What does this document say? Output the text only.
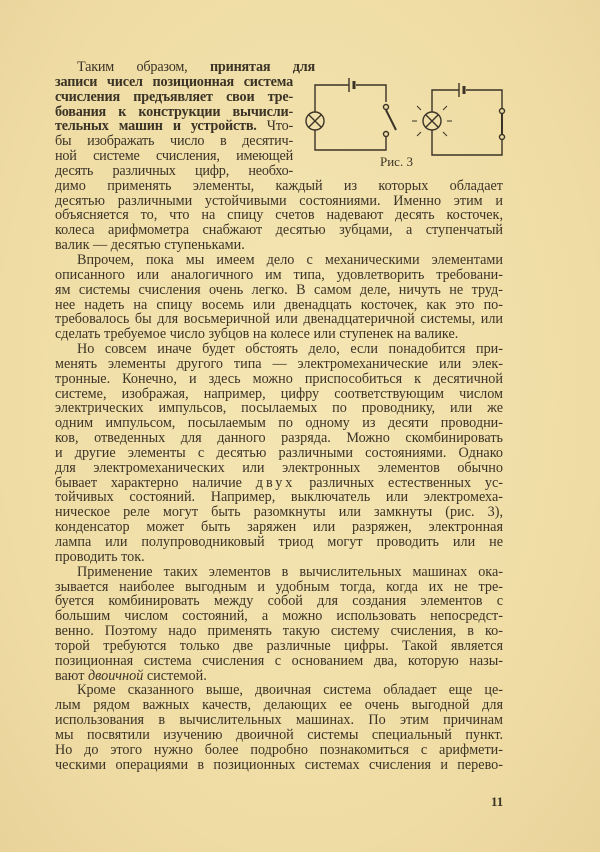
Таким образом, принятая для
записи чисел позиционная система
счисления предъявляет свои тре-
бования к конструкции вычисли-
тельных машин и устройств. Что-
бы изображать число в десятич-
ной системе счисления, имеющей
десять различных цифр, необхо-
димо применять элементы, каждый из которых обладает
десятью различными устойчивыми состояниями. Именно этим и
объясняется то, что на спицу счетов надевают десять косточек,
колеса арифмометра снабжают десятью зубцами, а ступенчатый
валик — десятью ступеньками.
Впрочем, пока мы имеем дело с механическими элементами
описанного или аналогичного им типа, удовлетворить требовани-
ям системы счисления очень легко. В самом деле, ничуть не труд-
нее надеть на спицу восемь или двенадцать косточек, как это по-
требовалось бы для восьмеричной или двенадцатеричной системы, или
сделать требуемое число зубцов на колесе или ступенек на валике.
Но совсем иначе будет обстоять дело, если понадобится при-
менять элементы другого типа — электромеханические или элек-
тронные. Конечно, и здесь можно приспособиться к десятичной
системе, изображая, например, цифру соответствующим числом
электрических импульсов, посылаемых по проводнику, или же
одним импульсом, посылаемым по одному из десяти проводни-
ков, отведенных для данного разряда. Можно скомбинировать
и другие элементы с десятью различными состояниями. Однако
для электромеханических или электронных элементов обычно
бывает характерно наличие двух различных естественных ус-
тойчивых состояний. Например, выключатель или электромеха-
ническое реле могут быть разомкнуты или замкнуты (рис. 3),
конденсатор может быть заряжен или разряжен, электронная
лампа или полупроводниковый триод могут проводить или не
проводить ток.
Применение таких элементов в вычислительных машинах ока-
зывается наиболее выгодным и удобным тогда, когда их не тре-
буется комбинировать между собой для создания элементов с
большим числом состояний, а можно использовать непосредст-
венно. Поэтому надо применять такую систему счисления, в ко-
торой требуются только две различные цифры. Такой является
позиционная система счисления с основанием два, которую назы-
вают двоичной системой.
Кроме сказанного выше, двоичная система обладает еще це-
лым рядом важных качеств, делающих ее очень выгодной для
использования в вычислительных машинах. По этим причинам
мы посвятили изучению двоичной системы специальный пункт.
Но до этого нужно более подробно познакомиться с арифмети-
ческими операциями в позиционных системах счисления и перево-
Рис. 3
11
